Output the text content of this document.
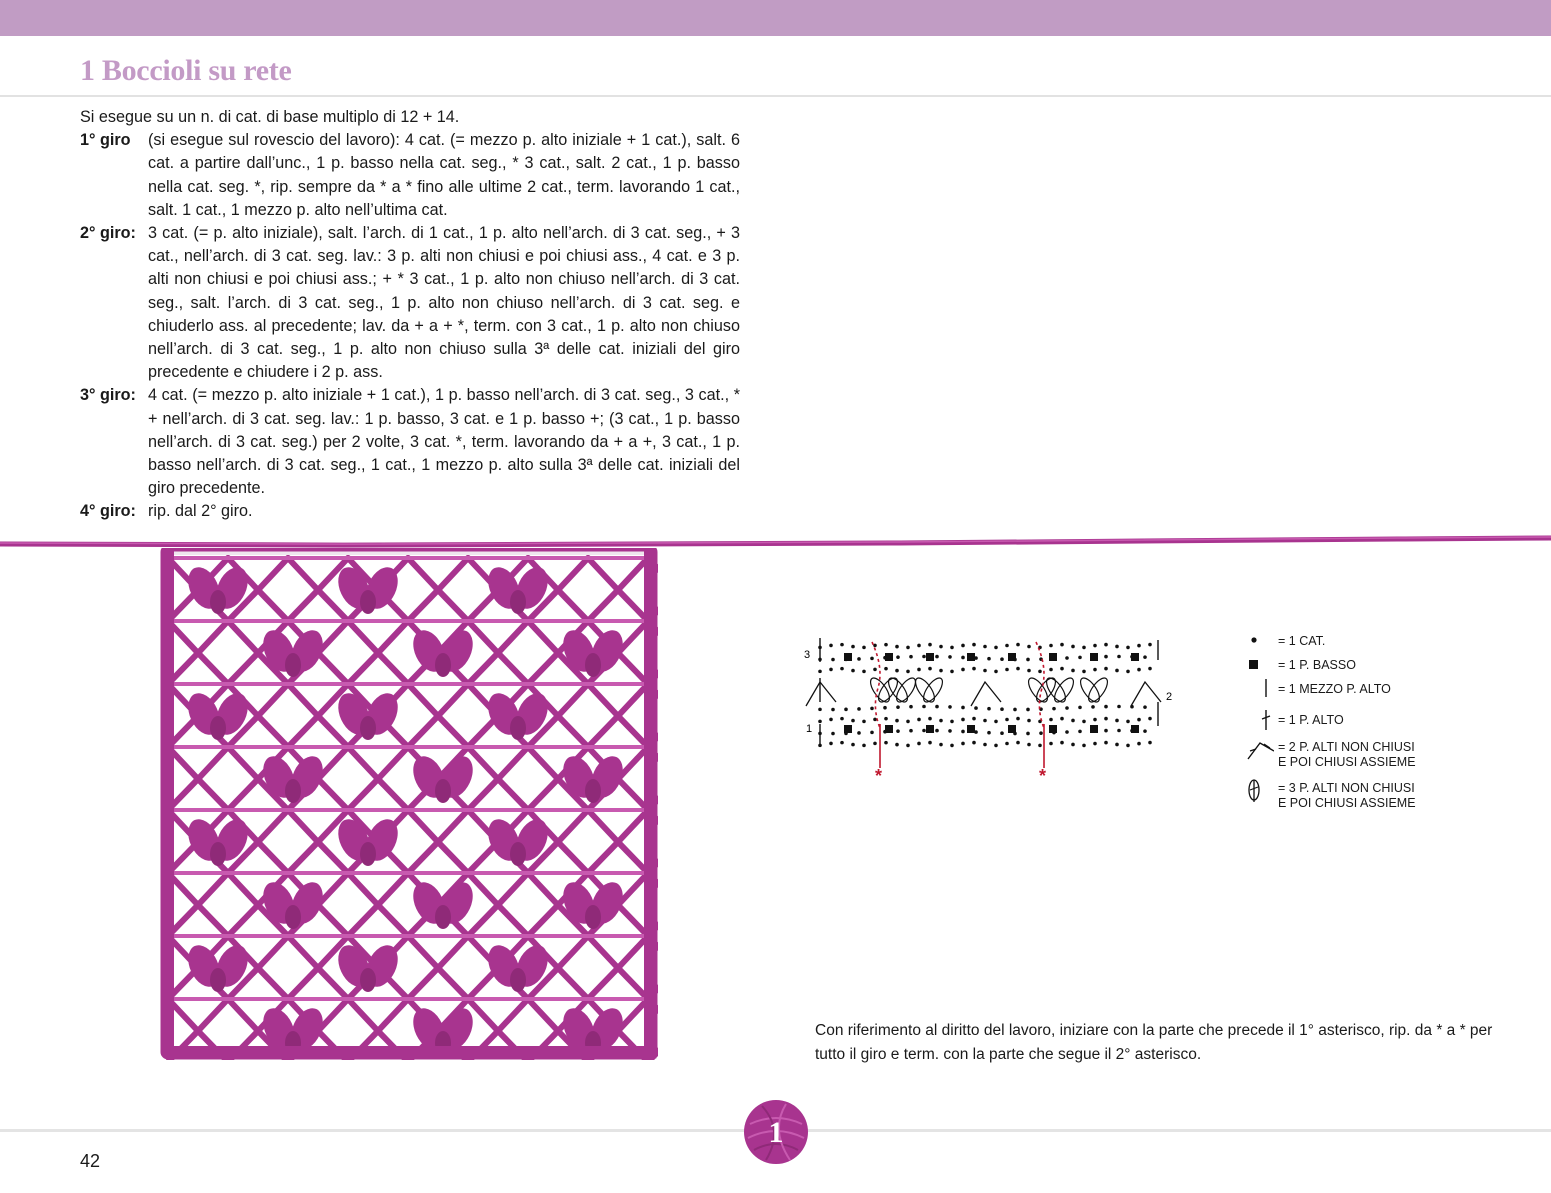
1 Boccioli su rete

Si esegue su un n. di cat. di base multiplo di 12 + 14.

1° giro	(si esegue sul rovescio del lavoro): 4 cat. (= mezzo p. alto iniziale + 1 cat.), salt. 6 cat. a partire dall’unc., 1 p. basso nella cat. seg., * 3 cat., salt. 2 cat., 1 p. basso nella cat. seg. *, rip. sempre da * a * fino alle ultime 2 cat., term. lavorando 1 cat., salt. 1 cat., 1 mezzo p. alto nell’ultima cat.
2° giro: 3 cat. (= p. alto iniziale), salt. l’arch. di 1 cat., 1 p. alto nell’arch. di 3 cat. seg., + 3 cat., nell’arch. di 3 cat. seg. lav.: 3 p. alti non chiusi e poi chiusi ass., 4 cat. e 3 p. alti non chiusi e poi chiusi ass.; + * 3 cat., 1 p. alto non chiuso nell’arch. di 3 cat. seg., salt. l’arch. di 3 cat. seg., 1 p. alto non chiuso nell’arch. di 3 cat. seg. e chiuderlo ass. al precedente; lav. da + a + *, term. con 3 cat., 1 p. alto non chiuso nell’arch. di 3 cat. seg., 1 p. alto non chiuso sulla 3ª delle cat. iniziali del giro precedente e chiudere i 2 p. ass.
3° giro: 4 cat. (= mezzo p. alto iniziale + 1 cat.), 1 p. basso nell’arch. di 3 cat. seg., 3 cat., * + nell’arch. di 3 cat. seg. lav.: 1 p. basso, 3 cat. e 1 p. basso +; (3 cat., 1 p. basso nell’arch. di 3 cat. seg.) per 2 volte, 3 cat. *, term. lavorando da + a +, 3 cat., 1 p. basso nell’arch. di 3 cat. seg., 1 cat., 1 mezzo p. alto sulla 3ª delle cat. iniziali del giro precedente.
4° giro: rip. dal 2° giro.
3
2
1
*	*
= 1 CAT.
= 1 P. BASSO
= 1 MEZZO P. ALTO
= 1 P. ALTO
= 2 P. ALTI NON CHIUSI
E POI CHIUSI ASSIEME
= 3 P. ALTI NON CHIUSI
E POI CHIUSI ASSIEME
Con riferimento al diritto del lavoro, iniziare con la parte che precede il 1° asterisco, rip. da * a * per tutto il giro e term. con la parte che segue il 2° asterisco.
42
1
